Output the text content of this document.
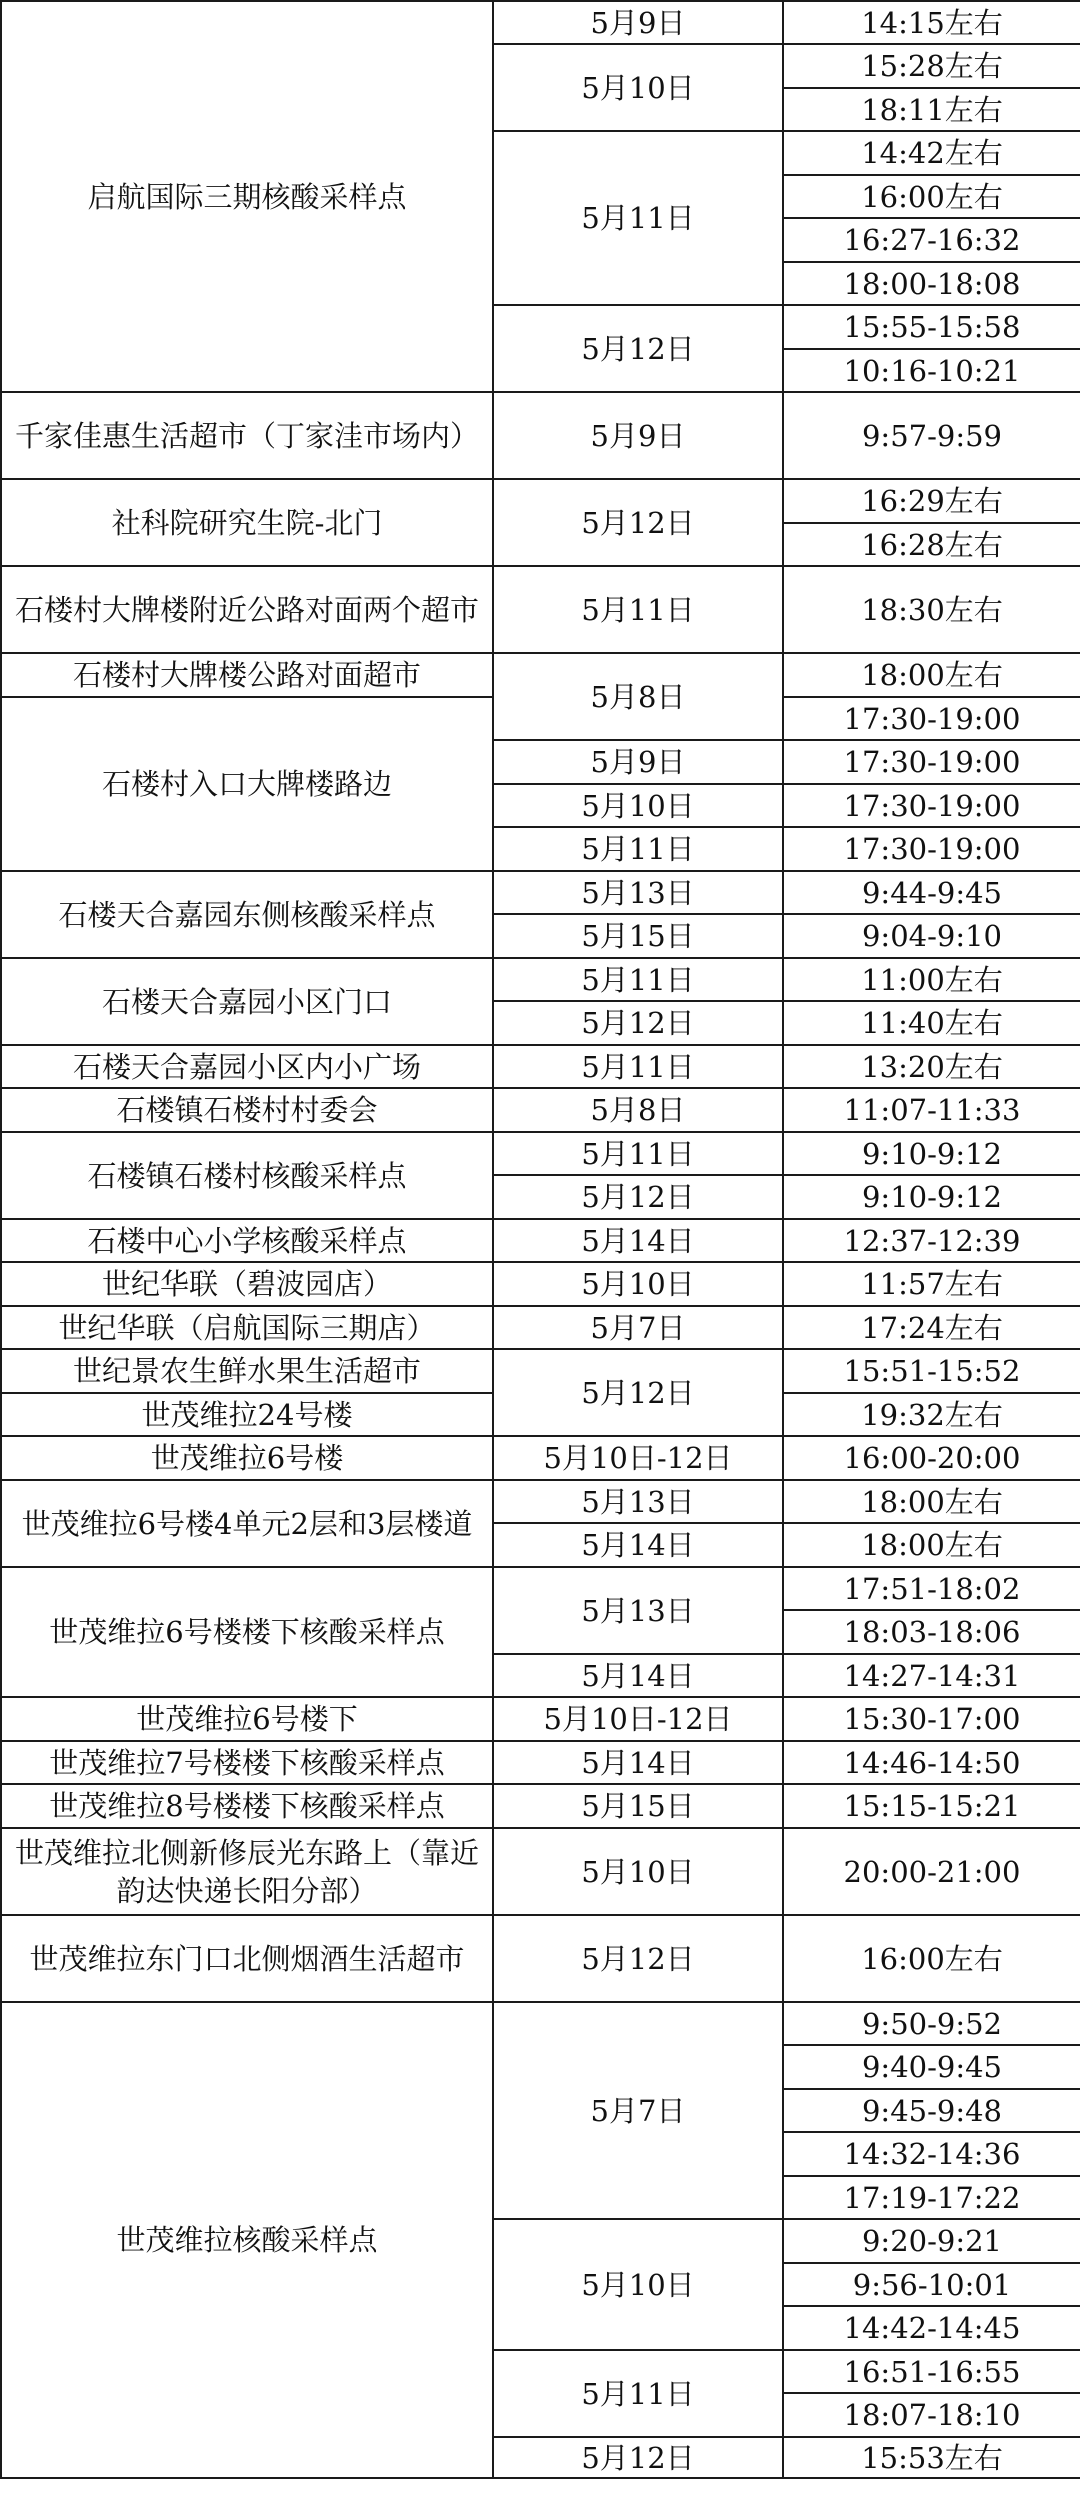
启航国际三期核酸采样点	5月9日	14:15左右
	5月10日	15:28左右
		18:11左右
	5月11日	14:42左右
		16:00左右
		16:27-16:32
		18:00-18:08
	5月12日	15:55-15:58
		10:16-10:21
千家佳惠生活超市（丁家洼市场内）	5月9日	9:57-9:59

社科院研究生院-北门	5月12日	16:29左右
		16:28左右
石楼村大牌楼附近公路对面两个超市	5月11日	18:30左右

石楼村大牌楼公路对面超市	5月8日	18:00左右
石楼村入口大牌楼路边		17:30-19:00
	5月9日	17:30-19:00
	5月10日	17:30-19:00
	5月11日	17:30-19:00
石楼天合嘉园东侧核酸采样点	5月13日	9:44-9:45
	5月15日	9:04-9:10
石楼天合嘉园小区门口	5月11日	11:00左右
	5月12日	11:40左右
石楼天合嘉园小区内小广场	5月11日	13:20左右
石楼镇石楼村村委会	5月8日	11:07-11:33
石楼镇石楼村核酸采样点	5月11日	9:10-9:12
	5月12日	9:10-9:12
石楼中心小学核酸采样点	5月14日	12:37-12:39
世纪华联（碧波园店）	5月10日	11:57左右
世纪华联（启航国际三期店）	5月7日	17:24左右
世纪景农生鲜水果生活超市	5月12日	15:51-15:52
世茂维拉24号楼		19:32左右
世茂维拉6号楼	5月10日-12日	16:00-20:00
世茂维拉6号楼4单元2层和3层楼道	5月13日	18:00左右
	5月14日	18:00左右
世茂维拉6号楼楼下核酸采样点	5月13日	17:51-18:02
		18:03-18:06
	5月14日	14:27-14:31
世茂维拉6号楼下	5月10日-12日	15:30-17:00
世茂维拉7号楼楼下核酸采样点	5月14日	14:46-14:50
世茂维拉8号楼楼下核酸采样点	5月15日	15:15-15:21
世茂维拉北侧新修辰光东路上（靠近韵达快递长阳分部）	5月10日	20:00-21:00

世茂维拉东门口北侧烟酒生活超市	5月12日	16:00左右

世茂维拉核酸采样点	5月7日	9:50-9:52
		9:40-9:45
		9:45-9:48
		14:32-14:36
		17:19-17:22
	5月10日	9:20-9:21
		9:56-10:01
		14:42-14:45
	5月11日	16:51-16:55
		18:07-18:10
	5月12日	15:53左右
